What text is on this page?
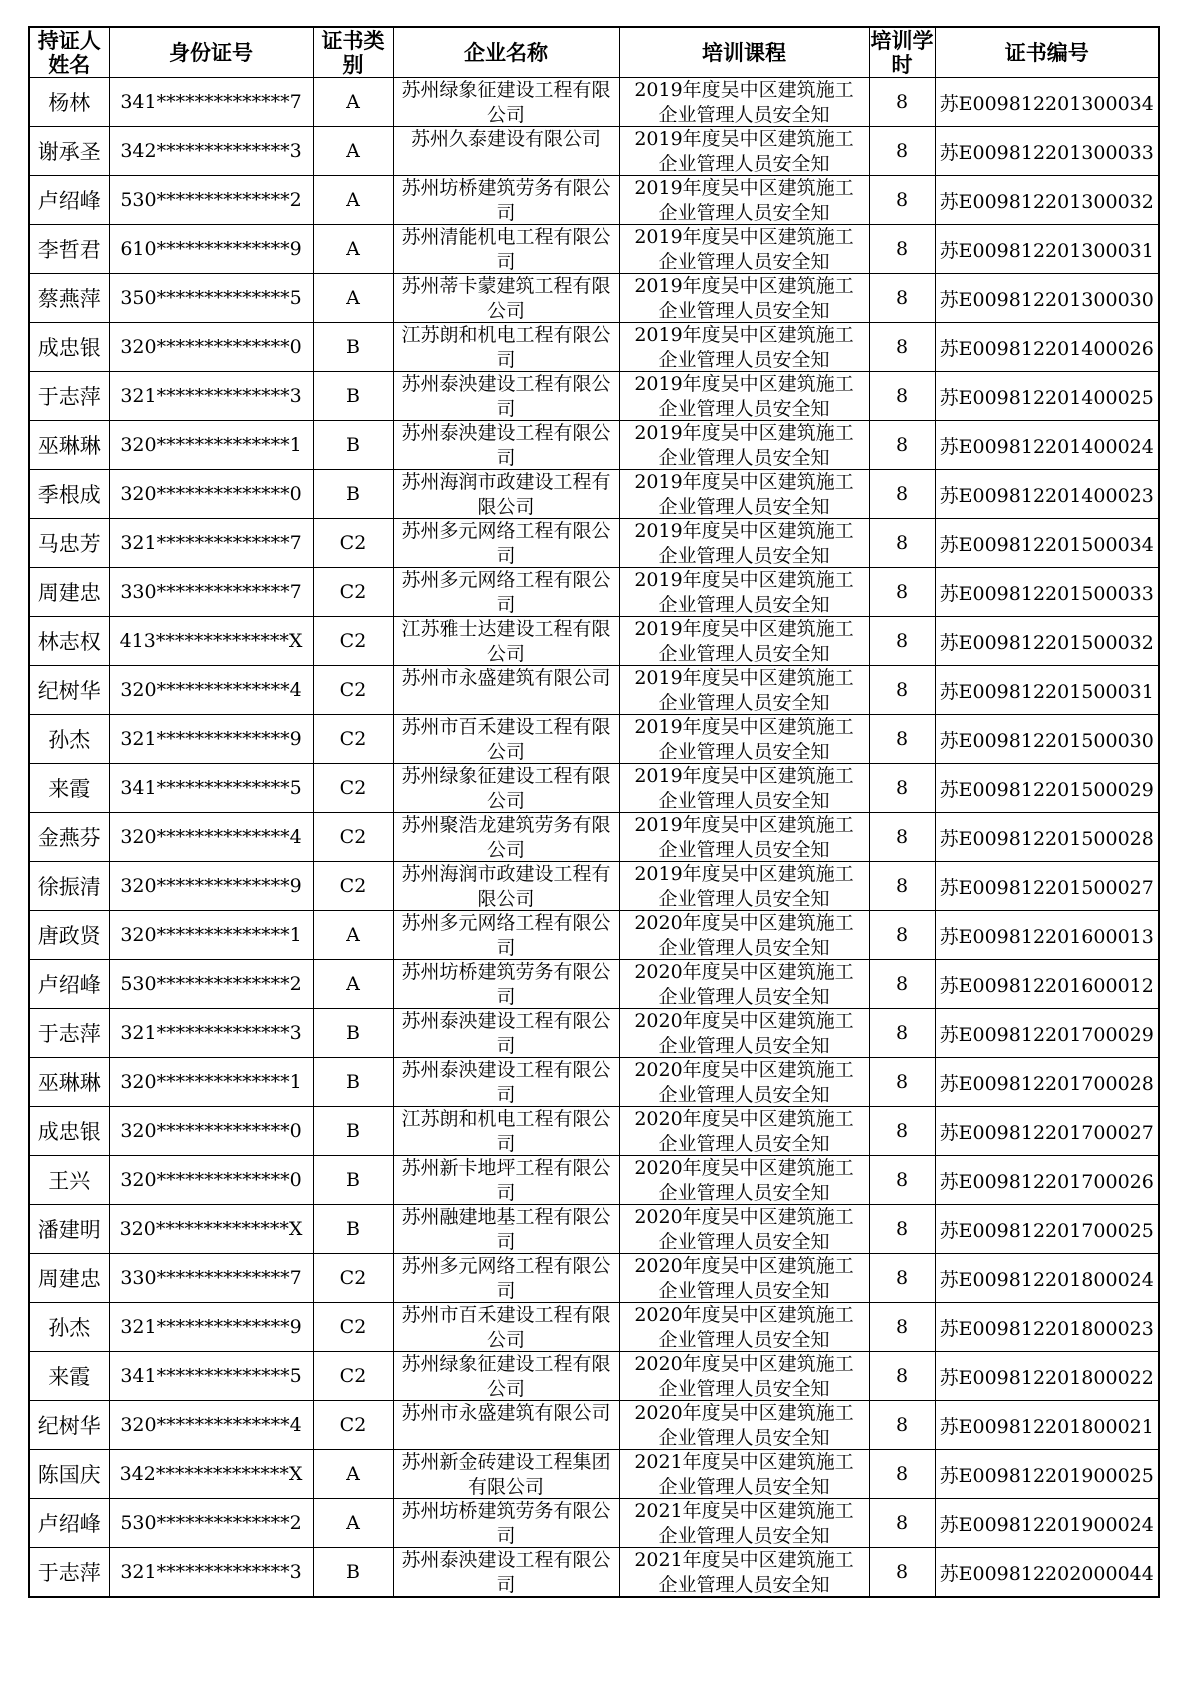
持证人姓名	身份证号	证书类别	企业名称	培训课程	培训学时	证书编号
杨林	341**************7	A	苏州绿象征建设工程有限公司	2019年度吴中区建筑施工企业管理人员安全知	8	苏E009812201300034
谢承圣	342**************3	A	苏州久泰建设有限公司	2019年度吴中区建筑施工企业管理人员安全知	8	苏E009812201300033
卢绍峰	530**************2	A	苏州坊桥建筑劳务有限公司	2019年度吴中区建筑施工企业管理人员安全知	8	苏E009812201300032
李哲君	610**************9	A	苏州清能机电工程有限公司	2019年度吴中区建筑施工企业管理人员安全知	8	苏E009812201300031
蔡燕萍	350**************5	A	苏州蒂卡蒙建筑工程有限公司	2019年度吴中区建筑施工企业管理人员安全知	8	苏E009812201300030
成忠银	320**************0	B	江苏朗和机电工程有限公司	2019年度吴中区建筑施工企业管理人员安全知	8	苏E009812201400026
于志萍	321**************3	B	苏州泰泱建设工程有限公司	2019年度吴中区建筑施工企业管理人员安全知	8	苏E009812201400025
巫琳琳	320**************1	B	苏州泰泱建设工程有限公司	2019年度吴中区建筑施工企业管理人员安全知	8	苏E009812201400024
季根成	320**************0	B	苏州海润市政建设工程有限公司	2019年度吴中区建筑施工企业管理人员安全知	8	苏E009812201400023
马忠芳	321**************7	C2	苏州多元网络工程有限公司	2019年度吴中区建筑施工企业管理人员安全知	8	苏E009812201500034
周建忠	330**************7	C2	苏州多元网络工程有限公司	2019年度吴中区建筑施工企业管理人员安全知	8	苏E009812201500033
林志权	413**************X	C2	江苏雅士达建设工程有限公司	2019年度吴中区建筑施工企业管理人员安全知	8	苏E009812201500032
纪树华	320**************4	C2	苏州市永盛建筑有限公司	2019年度吴中区建筑施工企业管理人员安全知	8	苏E009812201500031
孙杰	321**************9	C2	苏州市百禾建设工程有限公司	2019年度吴中区建筑施工企业管理人员安全知	8	苏E009812201500030
来霞	341**************5	C2	苏州绿象征建设工程有限公司	2019年度吴中区建筑施工企业管理人员安全知	8	苏E009812201500029
金燕芬	320**************4	C2	苏州聚浩龙建筑劳务有限公司	2019年度吴中区建筑施工企业管理人员安全知	8	苏E009812201500028
徐振清	320**************9	C2	苏州海润市政建设工程有限公司	2019年度吴中区建筑施工企业管理人员安全知	8	苏E009812201500027
唐政贤	320**************1	A	苏州多元网络工程有限公司	2020年度吴中区建筑施工企业管理人员安全知	8	苏E009812201600013
卢绍峰	530**************2	A	苏州坊桥建筑劳务有限公司	2020年度吴中区建筑施工企业管理人员安全知	8	苏E009812201600012
于志萍	321**************3	B	苏州泰泱建设工程有限公司	2020年度吴中区建筑施工企业管理人员安全知	8	苏E009812201700029
巫琳琳	320**************1	B	苏州泰泱建设工程有限公司	2020年度吴中区建筑施工企业管理人员安全知	8	苏E009812201700028
成忠银	320**************0	B	江苏朗和机电工程有限公司	2020年度吴中区建筑施工企业管理人员安全知	8	苏E009812201700027
王兴	320**************0	B	苏州新卡地坪工程有限公司	2020年度吴中区建筑施工企业管理人员安全知	8	苏E009812201700026
潘建明	320**************X	B	苏州融建地基工程有限公司	2020年度吴中区建筑施工企业管理人员安全知	8	苏E009812201700025
周建忠	330**************7	C2	苏州多元网络工程有限公司	2020年度吴中区建筑施工企业管理人员安全知	8	苏E009812201800024
孙杰	321**************9	C2	苏州市百禾建设工程有限公司	2020年度吴中区建筑施工企业管理人员安全知	8	苏E009812201800023
来霞	341**************5	C2	苏州绿象征建设工程有限公司	2020年度吴中区建筑施工企业管理人员安全知	8	苏E009812201800022
纪树华	320**************4	C2	苏州市永盛建筑有限公司	2020年度吴中区建筑施工企业管理人员安全知	8	苏E009812201800021
陈国庆	342**************X	A	苏州新金砖建设工程集团有限公司	2021年度吴中区建筑施工企业管理人员安全知	8	苏E009812201900025
卢绍峰	530**************2	A	苏州坊桥建筑劳务有限公司	2021年度吴中区建筑施工企业管理人员安全知	8	苏E009812201900024
于志萍	321**************3	B	苏州泰泱建设工程有限公司	2021年度吴中区建筑施工企业管理人员安全知	8	苏E009812202000044
